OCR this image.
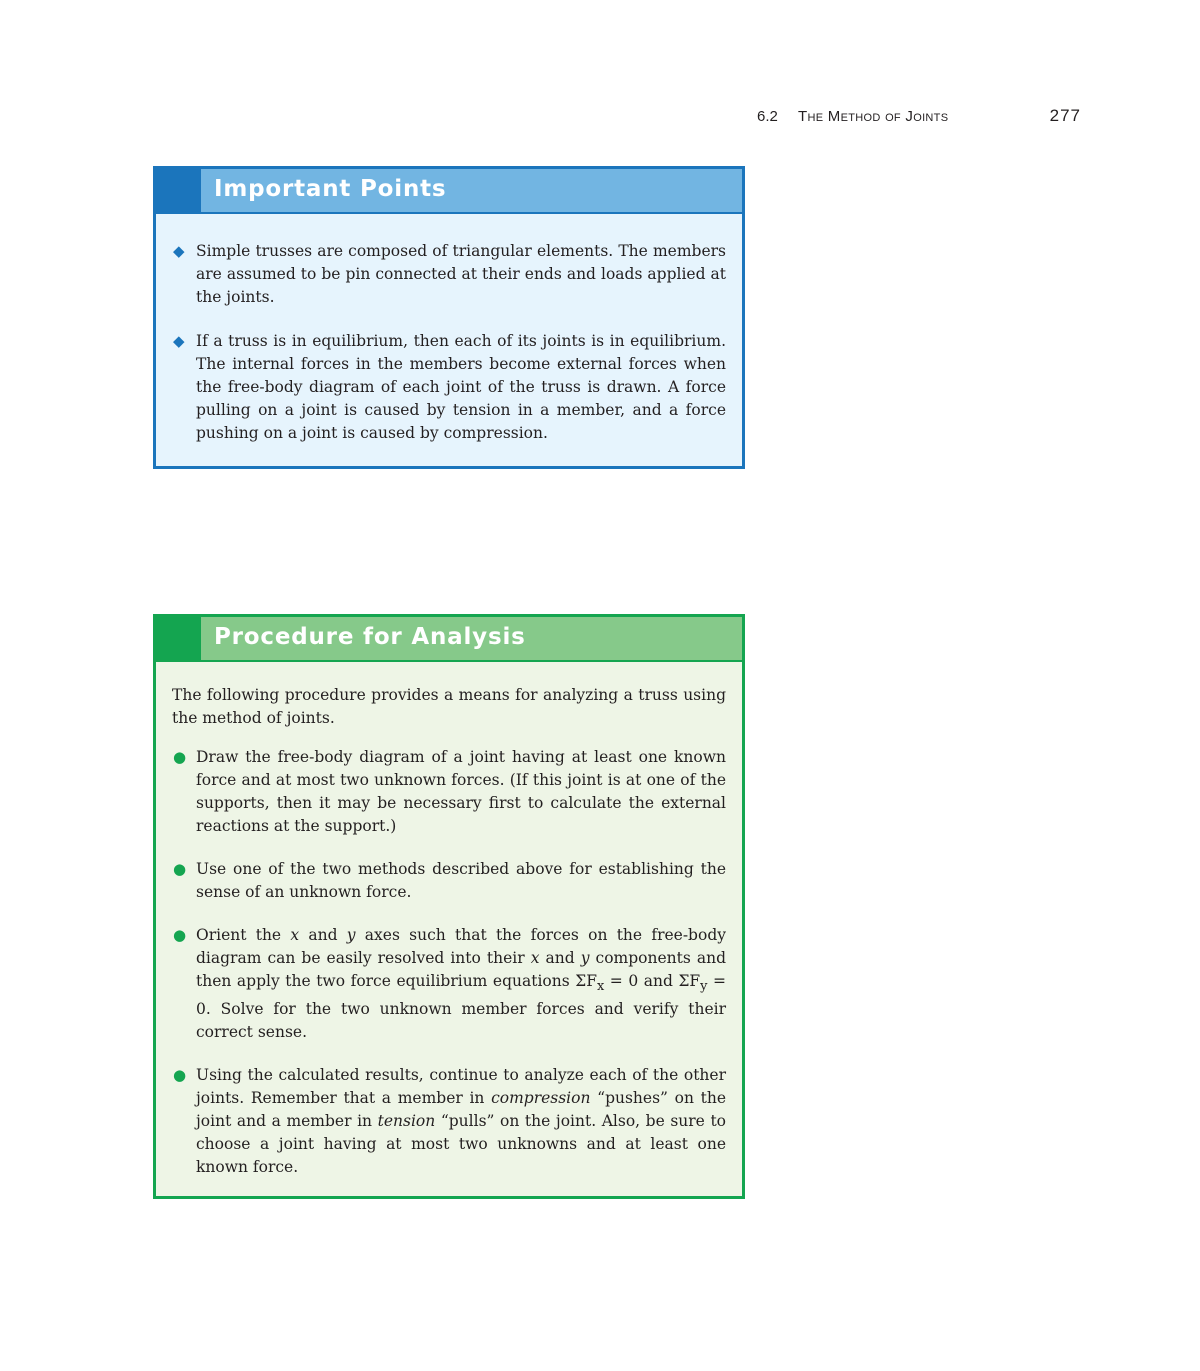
6.2 The Method of Joints	277
Important Points
◆ Simple trusses are composed of triangular elements. The members are assumed to be pin connected at their ends and loads applied at the joints.
◆ If a truss is in equilibrium, then each of its joints is in equilibrium. The internal forces in the members become external forces when the free-body diagram of each joint of the truss is drawn. A force pulling on a joint is caused by tension in a member, and a force pushing on a joint is caused by compression.
Procedure for Analysis

The following procedure provides a means for analyzing a truss using the method of joints.

● Draw the free-body diagram of a joint having at least one known force and at most two unknown forces. (If this joint is at one of the supports, then it may be necessary first to calculate the external reactions at the support.)
● Use one of the two methods described above for establishing the sense of an unknown force.
● Orient the x and y axes such that the forces on the free-body diagram can be easily resolved into their x and y components and then apply the two force equilibrium equations $\Sigma F_x = 0$ and $\Sigma F_y = 0$. Solve for the two unknown member forces and verify their correct sense.
● Using the calculated results, continue to analyze each of the other joints. Remember that a member in compression “pushes” on the joint and a member in tension “pulls” on the joint. Also, be sure to choose a joint having at most two unknowns and at least one known force.
